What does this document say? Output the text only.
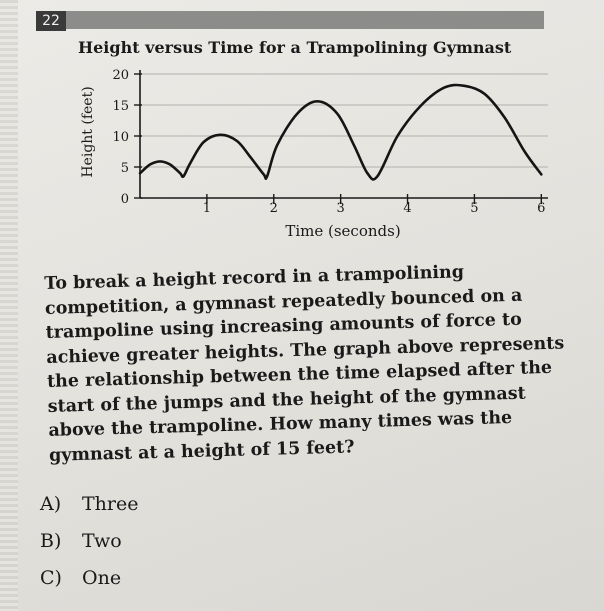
22
Height versus Time for a Trampolining Gymnast
0
5
10
15
20
1	2	3	4	5	6
Height (feet)
Time (seconds)
To break a height record in a trampolining
competition, a gymnast repeatedly bounced on a
trampoline using increasing amounts of force to
achieve greater heights. The graph above represents
the relationship between the time elapsed after the
start of the jumps and the height of the gymnast
above the trampoline. How many times was the
gymnast at a height of 15 feet?
A) Three
B) Two
C) One
